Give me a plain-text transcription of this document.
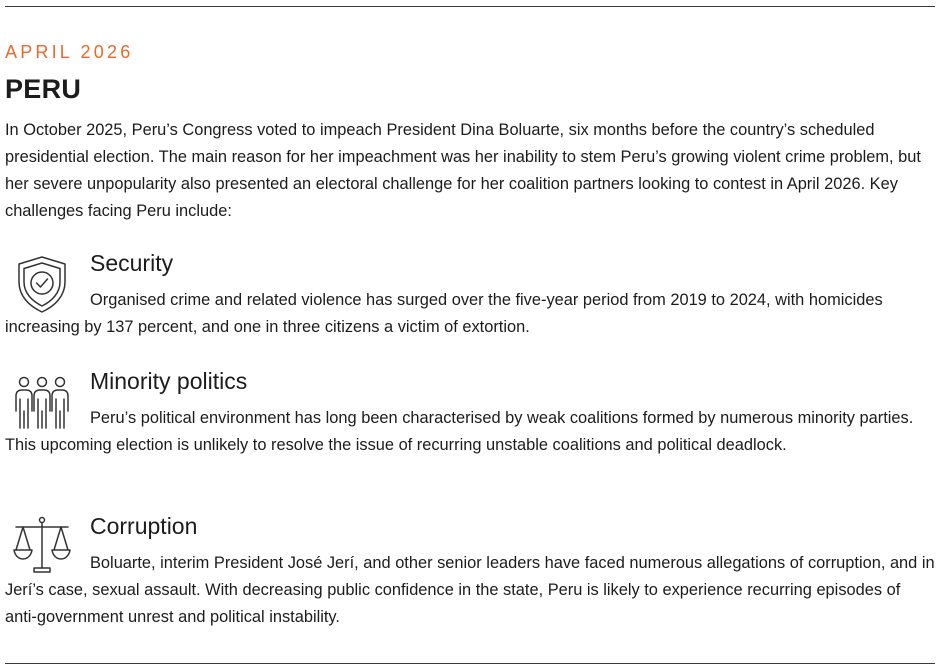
APRIL 2026
PERU

In October 2025, Peru’s Congress voted to impeach President Dina Boluarte, six months before the country’s scheduled presidential election. The main reason for her impeachment was her inability to stem Peru’s growing violent crime problem, but her severe unpopularity also presented an electoral challenge for her coalition partners looking to contest in April 2026. Key challenges facing Peru include:

Security

Organised crime and related violence has surged over the five-year period from 2019 to 2024, with homicides increasing by 137 percent, and one in three citizens a victim of extortion.

Minority politics

Peru’s political environment has long been characterised by weak coalitions formed by numerous minority parties. This upcoming election is unlikely to resolve the issue of recurring unstable coalitions and political deadlock.

Corruption

Boluarte, interim President José Jerí, and other senior leaders have faced numerous allegations of corruption, and in Jerí’s case, sexual assault. With decreasing public confidence in the state, Peru is likely to experience recurring episodes of anti-government unrest and political instability.
